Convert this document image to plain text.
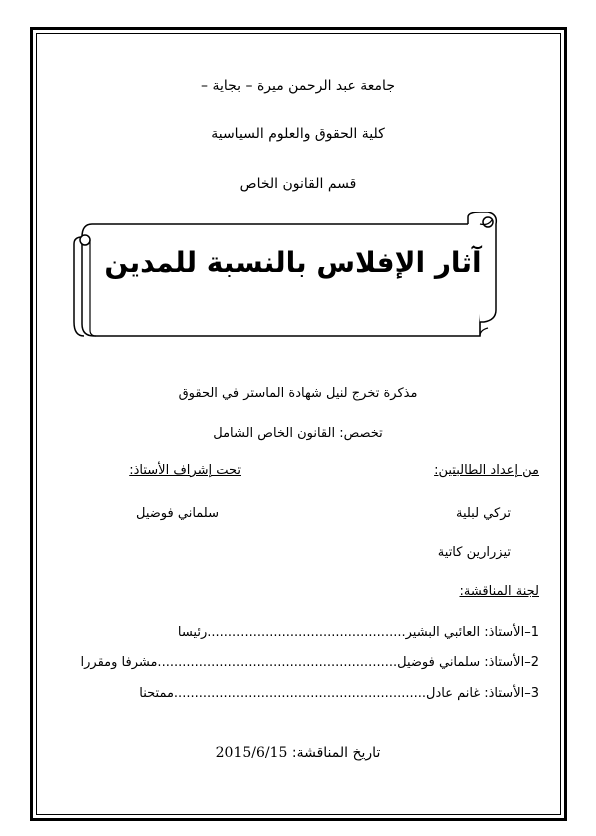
جامعة عبد الرحمن ميرة – بجاية –
كلية الحقوق والعلوم السياسية
قسم القانون الخاص
آثار الإفلاس بالنسبة للمدين
مذكرة تخرج لنيل شهادة الماستر في الحقوق
تخصص: القانون الخاص الشامل
من إعداد الطالبتين:
تحت إشراف الأستاذ:
تركي لبلية
سلماني فوضيل
تيزرارين كاتية
لجنة المناقشة:
1–الأستاذ: العائبي البشير................................................رئيسا
2–الأستاذ: سلماني فوضيل..........................................................مشرفا ومقررا
3–الأستاذ: غانم عادل.............................................................ممتحنا
تاريخ المناقشة: 2015/6/15
